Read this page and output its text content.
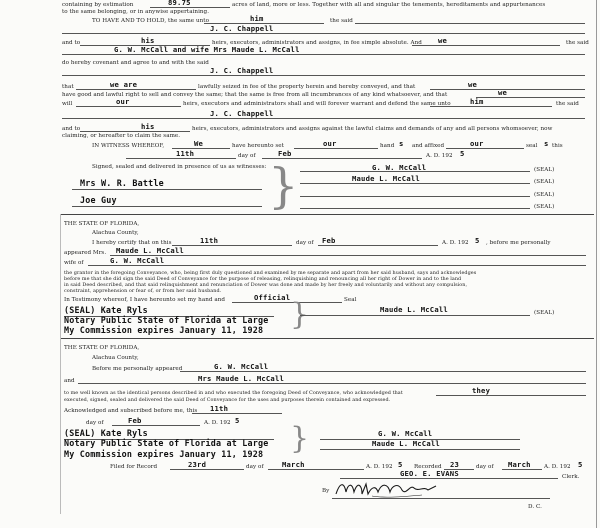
containing by estimation	89.75	acres of land, more or less. Together with all and singular the tenements, hereditaments and appurtenances
to the same belonging, or in anywise appertaining.
TO HAVE AND TO HOLD, the same unto	him	the said
J. C. Chappell
and to	his	heirs, executors, administrators and assigns, in fee simple absolute. And we	the said
G. W. McCall and wife Mrs Maude L. McCall
do hereby covenant and agree to and with the said
J. C. Chappell
that	we are	lawfully seized in fee of the property herein and hereby conveyed, and that	we
have good and lawful right to sell and convey the same; that the same is free from all incumbrances of any kind whatsoever, and that	we
will	our	heirs, executors and administrators shall and will forever warrant and defend the same unto	him	the said
J. C. Chappell
and to	his	heirs, executors, administrators and assigns against the lawful claims and demands of any and all persons whomsoever, now
claiming, or hereafter to claim the same.
IN WITNESS WHEREOF,	We	have hereunto set	our	hand s and affixed	our	seal s this
11th	day of	Feb	A. D. 192 5
Signed, sealed and delivered in presence of us as witnesses:
Mrs W. R. Battle
Joe Guy	}	G. W. McCall	(SEAL)
Maude L. McCall	(SEAL)
(SEAL)
(SEAL)
THE STATE OF FLORIDA,
Alachua County,
I hereby certify that on this	11th	day of Feb	A. D. 192 5 , before me personally
appeared Mrs. Maude L. McCall
wife of	G. W. McCall
the grantor in the foregoing Conveyance, who, being first duly questioned and examined by me separate and apart from her said husband, says and acknowledges
before me that she did sign the said Deed of Conveyance for the purpose of releasing, relinquishing and renouncing all her right of Dower in and to the land
in said Deed described, and that said relinquishment and renunciation of Dower was done and made by her freely and voluntarily and without any compulsion,
constraint, apprehension or fear of, or from her said husband.
In Testimony whereof, I have hereunto set my hand and	Official	Seal
(SEAL) Kate Ryls
Notary Public State of Florida at Large
My Commission expires January 11, 1928 }	Maude L. McCall	(SEAL)
THE STATE OF FLORIDA,
Alachua County,
Before me personally appeared	G. W. McCall
and	Mrs Maude L. McCall
to me well known as the identical persons described in and who executed the foregoing Deed of Conveyance, who acknowledged that	they
executed, signed, sealed and delivered the said Deed of Conveyance for the uses and purposes therein contained and expressed.
Acknowledged and subscribed before me, this 11th
day of	Feb	A. D. 192 5
(SEAL) Kate Ryls
Notary Public State of Florida at Large
My Commission expires January 11, 1928 }	G. W. McCall
Maude L. McCall
Filed for Record	23rd	day of	March	A. D. 192 5 Recorded 23	day of March A. D. 192 5
GEO. E. EVANS	Clerk.
By
D. C.
